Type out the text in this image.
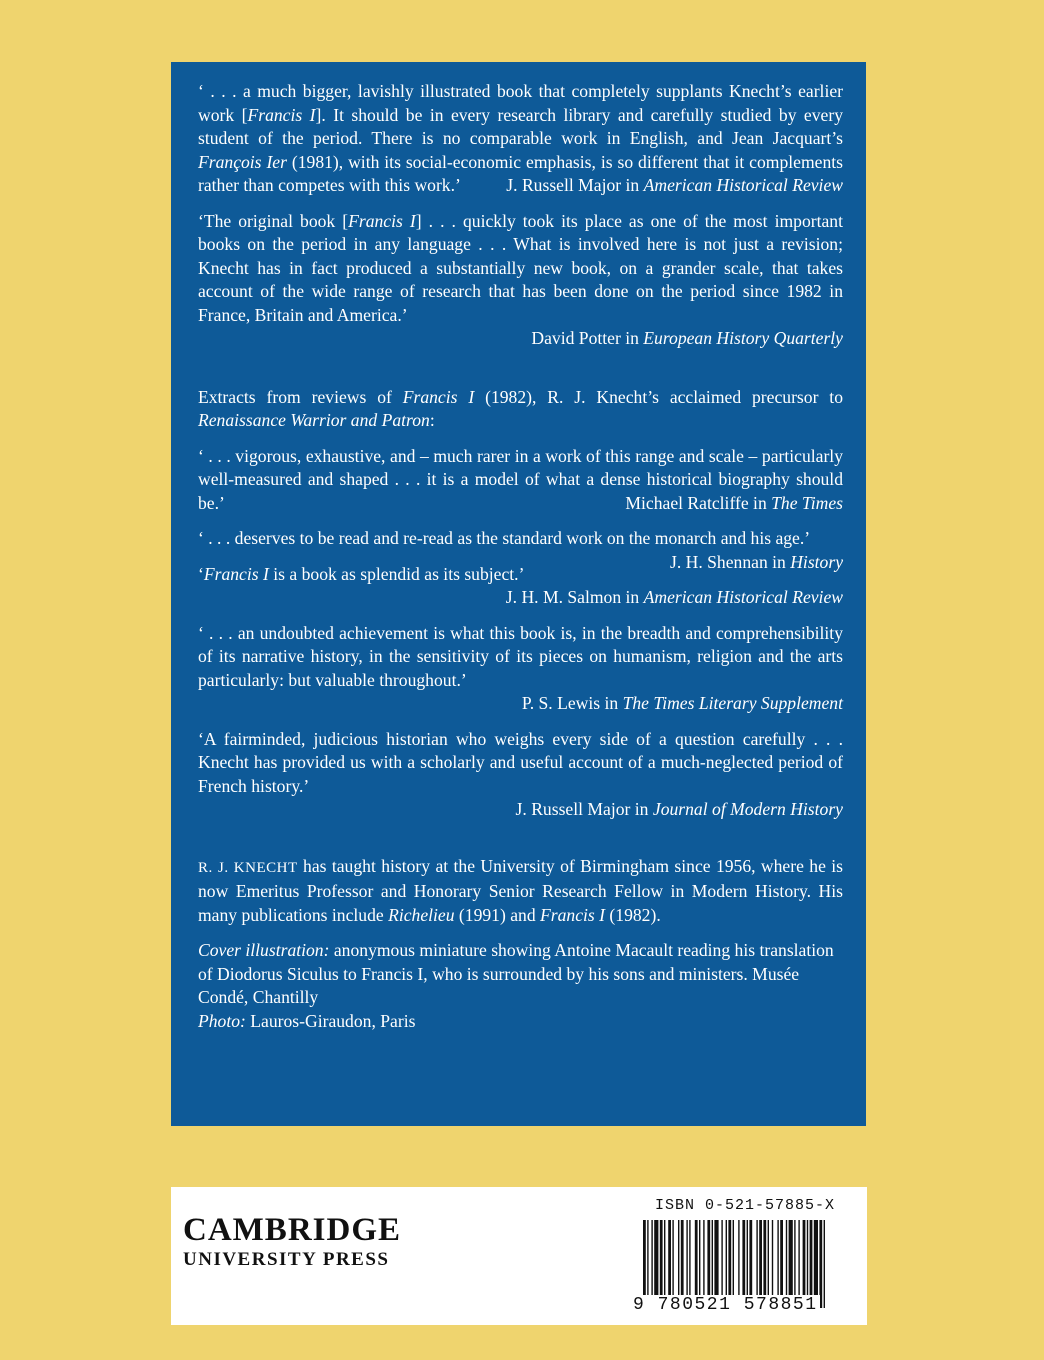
‘ . . . a much bigger, lavishly illustrated book that completely supplants Knecht’s earlier work [Francis I]. It should be in every research library and carefully studied by every student of the period. There is no comparable work in English, and Jean Jacquart’s François Ier (1981), with its social-economic emphasis, is so different that it complements rather than competes with this work.’	J. Russell Major in American Historical Review

‘The original book [Francis I] . . . quickly took its place as one of the most important books on the period in any language . . . What is involved here is not just a revision; Knecht has in fact produced a substantially new book, on a grander scale, that takes account of the wide range of research that has been done on the period since 1982 in France, Britain and America.’

David Potter in European History Quarterly

Extracts from reviews of Francis I (1982), R. J. Knecht’s acclaimed precursor to Renaissance Warrior and Patron:

‘ . . . vigorous, exhaustive, and – much rarer in a work of this range and scale – particularly well-measured and shaped . . . it is a model of what a dense historical biography should be.’	Michael Ratcliffe in The Times

‘ . . . deserves to be read and re-read as the standard work on the monarch and his age.’
J. H. Shennan in History

‘Francis I is a book as splendid as its subject.’

J. H. M. Salmon in American Historical Review

‘ . . . an undoubted achievement is what this book is, in the breadth and comprehensibility of its narrative history, in the sensitivity of its pieces on humanism, religion and the arts particularly: but valuable throughout.’

P. S. Lewis in The Times Literary Supplement

‘A fairminded, judicious historian who weighs every side of a question carefully . . . Knecht has provided us with a scholarly and useful account of a much-neglected period of French history.’

J. Russell Major in Journal of Modern History

R. J. KNECHT has taught history at the University of Birmingham since 1956, where he is now Emeritus Professor and Honorary Senior Research Fellow in Modern History. His many publications include Richelieu (1991) and Francis I (1982).

Cover illustration: anonymous miniature showing Antoine Macault reading his translation of Diodorus Siculus to Francis I, who is surrounded by his sons and ministers. Musée Condé, Chantilly
Photo: Lauros-Giraudon, Paris

CAMBRIDGE
UNIVERSITY PRESS
ISBN 0-521-57885-X
9 780521 578851
